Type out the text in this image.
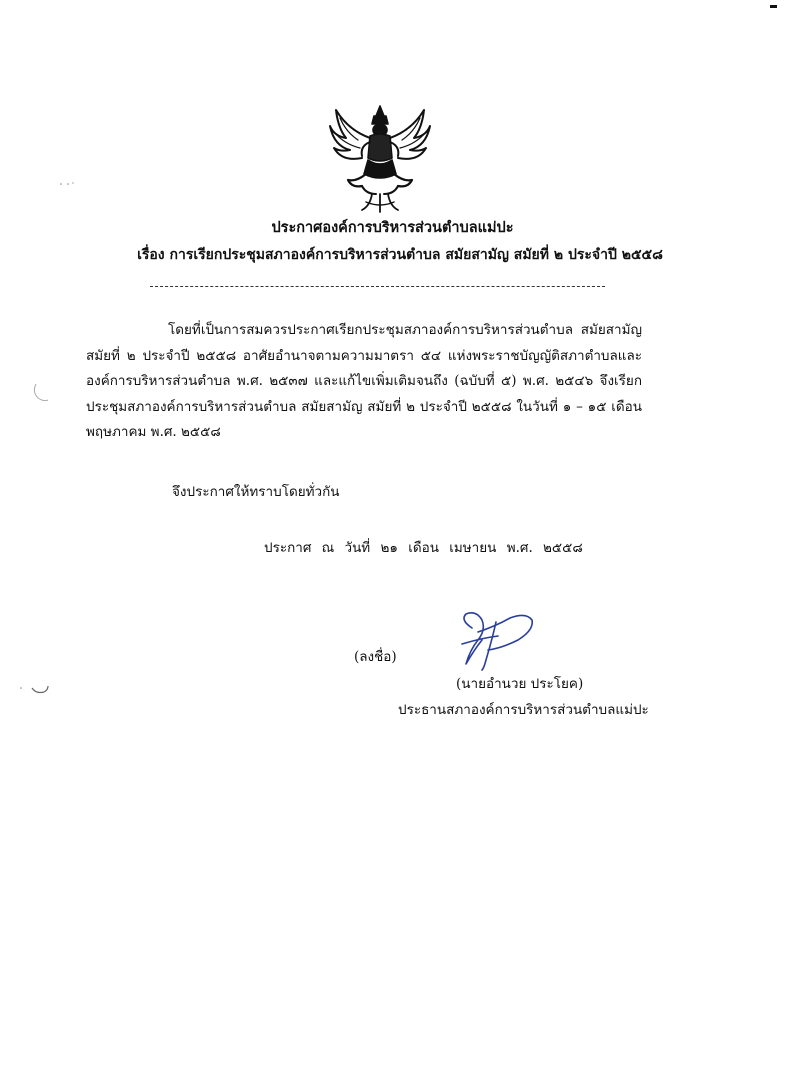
ประกาศองค์การบริหารส่วนตำบลแม่ปะ
เรื่อง การเรียกประชุมสภาองค์การบริหารส่วนตำบล สมัยสามัญ สมัยที่ ๒ ประจำปี ๒๕๕๘
โดยที่เป็นการสมควรประกาศเรียกประชุมสภาองค์การบริหารส่วนตำบล สมัยสามัญ สมัยที่ ๒ ประจำปี ๒๕๕๘ อาศัยอำนาจตามความมาตรา ๕๔ แห่งพระราชบัญญัติสภาตำบลและองค์การบริหารส่วนตำบล พ.ศ. ๒๕๓๗ และแก้ไขเพิ่มเติมจนถึง (ฉบับที่ ๕) พ.ศ. ๒๕๔๖ จึงเรียกประชุมสภาองค์การบริหารส่วนตำบล สมัยสามัญ สมัยที่ ๒ ประจำปี ๒๕๕๘ ในวันที่ ๑ – ๑๕ เดือน พฤษภาคม พ.ศ. ๒๕๕๘
จึงประกาศให้ทราบโดยทั่วกัน
ประกาศ ณ วันที่ ๒๑ เดือน เมษายน พ.ศ. ๒๕๕๘
(ลงชื่อ)
(นายอำนวย ประโยค)
ประธานสภาองค์การบริหารส่วนตำบลแม่ปะ
